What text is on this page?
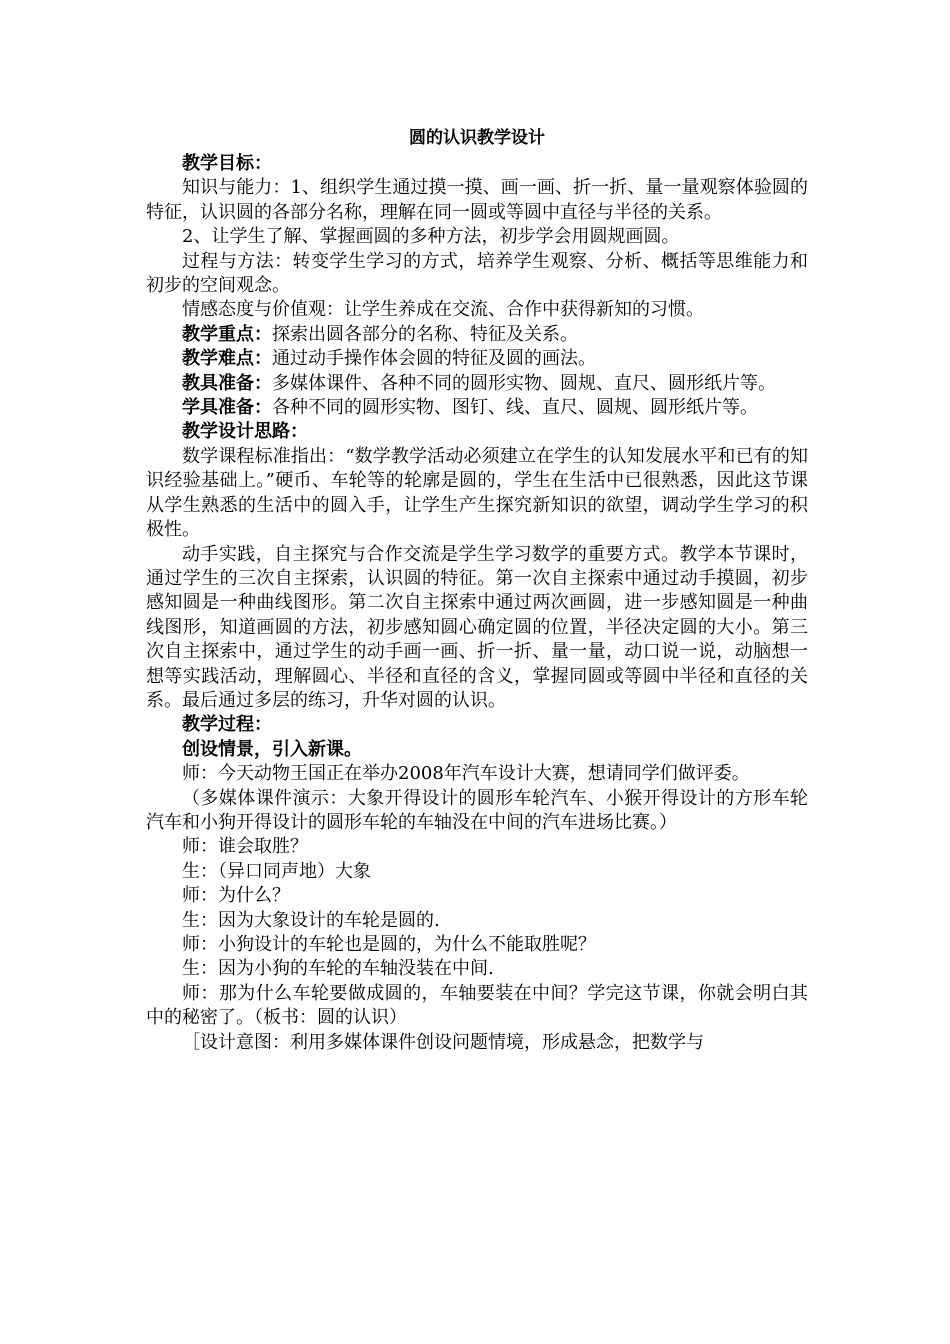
圆的认识教学设计

教学目标：

知识与能力：1、组织学生通过摸一摸、画一画、折一折、量一量观察体验圆的特征，认识圆的各部分名称，理解在同一圆或等圆中直径与半径的关系。

2、让学生了解、掌握画圆的多种方法，初步学会用圆规画圆。

过程与方法：转变学生学习的方式，培养学生观察、分析、概括等思维能力和初步的空间观念。

情感态度与价值观：让学生养成在交流、合作中获得新知的习惯。

教学重点：探索出圆各部分的名称、特征及关系。

教学难点：通过动手操作体会圆的特征及圆的画法。

教具准备：多媒体课件、各种不同的圆形实物、圆规、直尺、圆形纸片等。

学具准备：各种不同的圆形实物、图钉、线、直尺、圆规、圆形纸片等。

教学设计思路：

数学课程标准指出：“数学教学活动必须建立在学生的认知发展水平和已有的知识经验基础上。”硬币、车轮等的轮廓是圆的，学生在生活中已很熟悉，因此这节课从学生熟悉的生活中的圆入手，让学生产生探究新知识的欲望，调动学生学习的积极性。

动手实践，自主探究与合作交流是学生学习数学的重要方式。教学本节课时，通过学生的三次自主探索，认识圆的特征。第一次自主探索中通过动手摸圆，初步感知圆是一种曲线图形。第二次自主探索中通过两次画圆，进一步感知圆是一种曲线图形，知道画圆的方法，初步感知圆心确定圆的位置，半径决定圆的大小。第三次自主探索中，通过学生的动手画一画、折一折、量一量，动口说一说，动脑想一想等实践活动，理解圆心、半径和直径的含义，掌握同圆或等圆中半径和直径的关系。最后通过多层的练习，升华对圆的认识。

教学过程：

创设情景，引入新课。

师：今天动物王国正在举办2008年汽车设计大赛，想请同学们做评委。

（多媒体课件演示：大象开得设计的圆形车轮汽车、小猴开得设计的方形车轮汽车和小狗开得设计的圆形车轮的车轴没在中间的汽车进场比赛。）

师：谁会取胜？

生：（异口同声地）大象

师：为什么？

生：因为大象设计的车轮是圆的.

师：小狗设计的车轮也是圆的，为什么不能取胜呢？

生：因为小狗的车轮的车轴没装在中间.

师：那为什么车轮要做成圆的，车轴要装在中间？学完这节课，你就会明白其中的秘密了。（板书：圆的认识）

［设计意图：利用多媒体课件创设问题情境，形成悬念，把数学与
